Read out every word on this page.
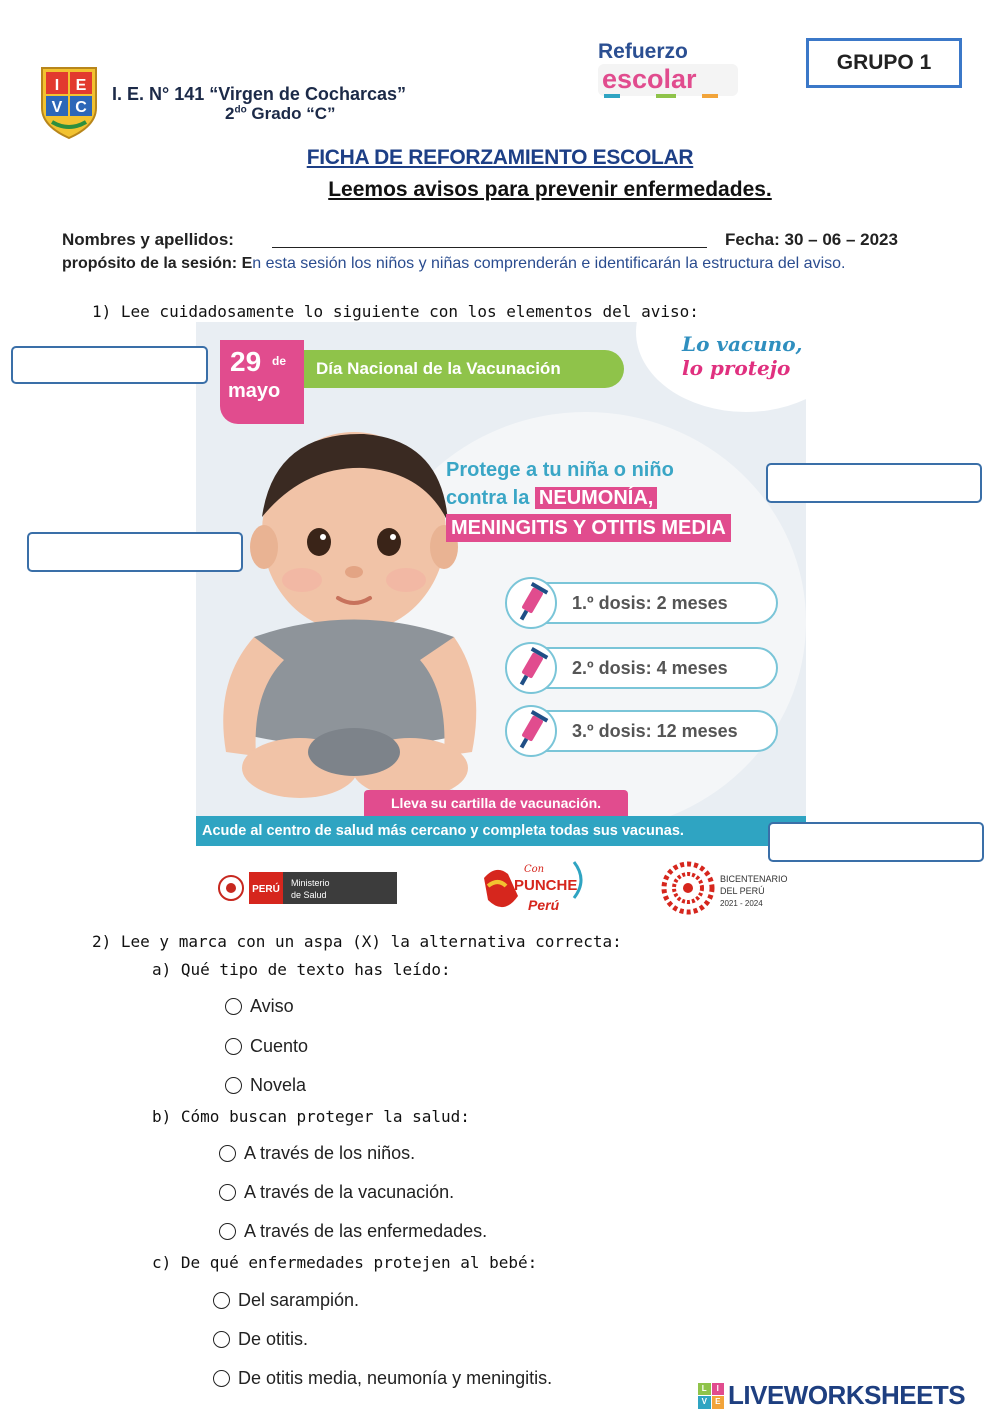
I E
V C
I. E. N° 141 “Virgen de Cocharcas”
$2^{do}$ Grado “C”
Refuerzo
escolar
GRUPO 1
FICHA DE REFORZAMIENTO ESCOLAR
Leemos avisos para prevenir enfermedades.
Nombres y apellidos:	Fecha: 30 – 06 – 2023
propósito de la sesión: En esta sesión los niños y niñas comprenderán e identificarán la estructura del aviso.
1) Lee cuidadosamente lo siguiente con los elementos del aviso:
Lo vacuno,
lo protejo
29 de
mayo
Día Nacional de la Vacunación
Protege a tu niña o niño
contra la NEUMONÍA,
MENINGITIS Y OTITIS MEDIA
1.º dosis: 2 meses
2.º dosis: 4 meses
3.º dosis: 12 meses
Lleva su cartilla de vacunación.
Acude al centro de salud más cercano y completa todas sus vacunas.
PERÚ
Ministerio
de Salud
Con
PUNCHE
Perú
BICENTENARIO
DEL PERÚ
2021 - 2024
2) Lee y marca con un aspa (X) la alternativa correcta:
a) Qué tipo de texto has leído:
Aviso
Cuento
Novela
b) Cómo buscan proteger la salud:
A través de los niños.
A través de la vacunación.
A través de las enfermedades.
c) De qué enfermedades protejen al bebé:
Del sarampión.
De otitis.
De otitis media, neumonía y meningitis.	L	I
V	E LIVEWORKSHEETS
